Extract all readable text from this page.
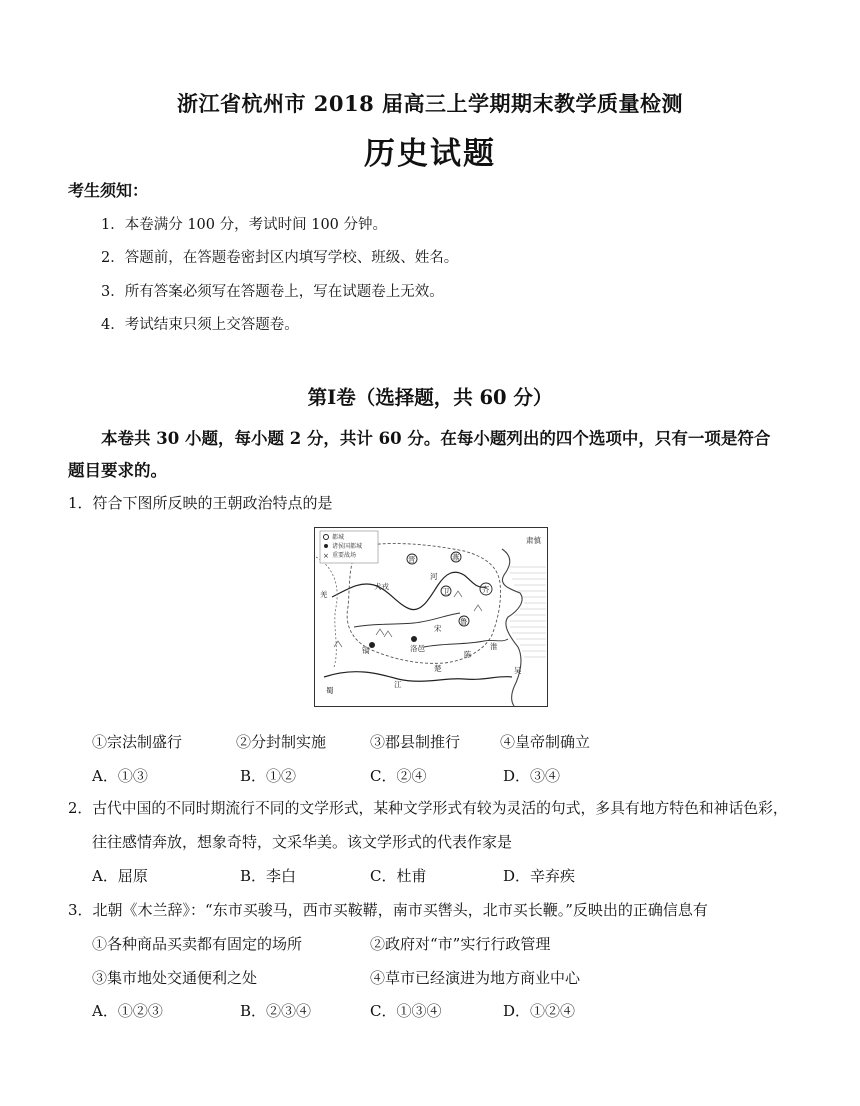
浙江省杭州市 2018 届高三上学期期末教学质量检测
历史试题
考生须知：
1．本卷满分 100 分，考试时间 100 分钟。
2．答题前，在答题卷密封区内填写学校、班级、姓名。
3．所有答案必须写在答题卷上，写在试题卷上无效。
4．考试结束只须上交答题卷。
第Ⅰ卷（选择题，共 60 分）
本卷共 30 小题，每小题 2 分，共计 60 分。在每小题列出的四个选项中，只有一项是符合
题目要求的。
1．符合下图所反映的王朝政治特点的是
×
都城
诸侯国都城
重要战场
肃慎
燕
犬戎	齐
鲁
宋
镐	洛邑
陈
楚	吴
蜀
晋
卫
江
淮
河
羌
①宗法制盛行	②分封制实施	③郡县制推行	④皇帝制确立
A．①③	B．①②	C．②④	D．③④
2．古代中国的不同时期流行不同的文学形式，某种文学形式有较为灵活的句式，多具有地方特色和神话色彩，
往往感情奔放，想象奇特，文采华美。该文学形式的代表作家是
A．屈原	B．李白	C．杜甫	D．辛弃疾
3．北朝《木兰辞》：“东市买骏马，西市买鞍鞯，南市买辔头，北市买长鞭。”反映出的正确信息有
①各种商品买卖都有固定的场所	②政府对“市”实行行政管理
③集市地处交通便利之处	④草市已经演进为地方商业中心
A．①②③	B．②③④	C．①③④	D．①②④
